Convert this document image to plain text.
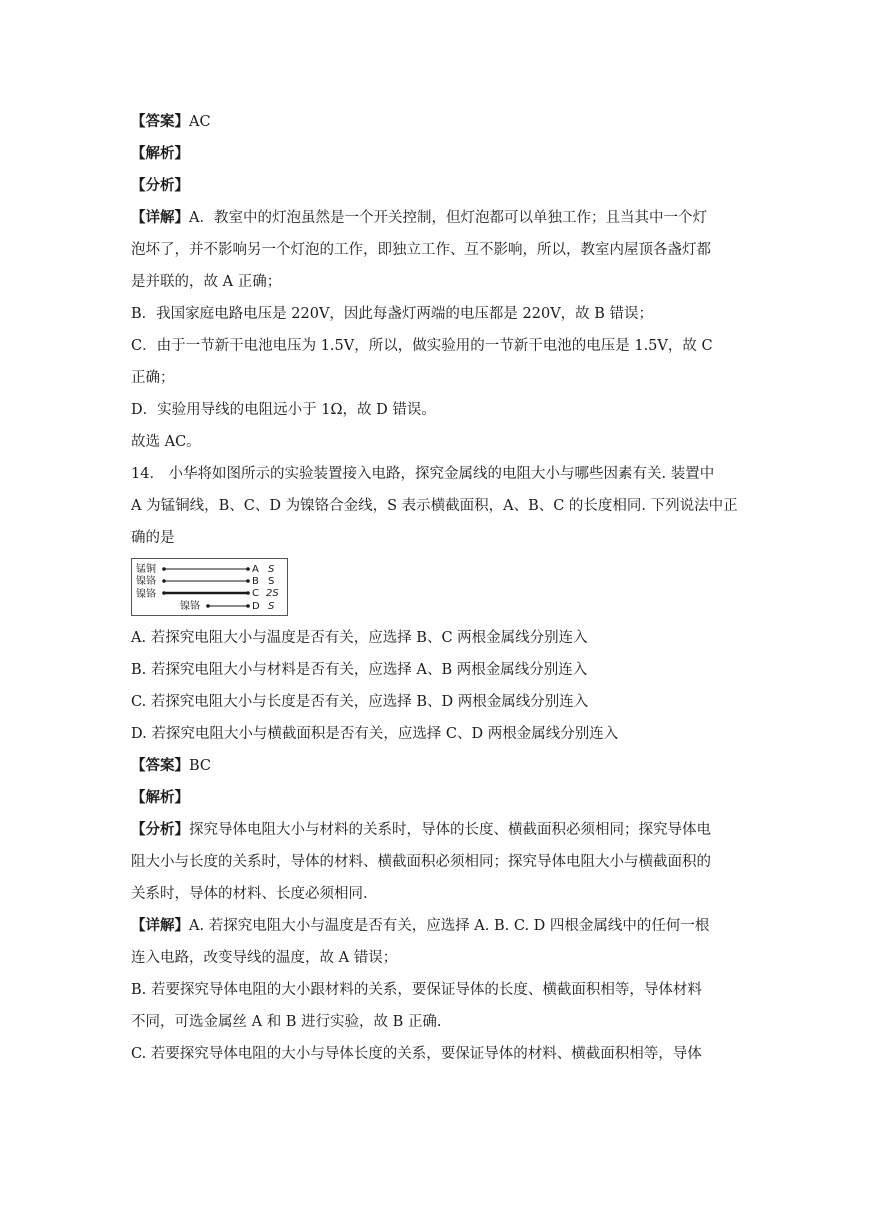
【答案】AC

【解析】

【分析】

【详解】A．教室中的灯泡虽然是一个开关控制，但灯泡都可以单独工作；且当其中一个灯

泡坏了，并不影响另一个灯泡的工作，即独立工作、互不影响，所以，教室内屋顶各盏灯都

是并联的，故 A 正确；

B．我国家庭电路电压是 220V，因此每盏灯两端的电压都是 220V，故 B 错误；

C．由于一节新干电池电压为 1.5V，所以，做实验用的一节新干电池的电压是 1.5V，故 C

正确；

D．实验用导线的电阻远小于 1Ω，故 D 错误。

故选 AC。

14． 小华将如图所示的实验装置接入电路，探究金属线的电阻大小与哪些因素有关. 装置中

A 为锰铜线，B、C、D 为镍铬合金线，S 表示横截面积，A、B、C 的长度相同. 下列说法中正

确的是

锰铜	A S
镍铬	B S
镍铬	C 2S
镍铬	D S

A. 若探究电阻大小与温度是否有关，应选择 B、C 两根金属线分别连入

B. 若探究电阻大小与材料是否有关，应选择 A、B 两根金属线分别连入

C. 若探究电阻大小与长度是否有关，应选择 B、D 两根金属线分别连入

D. 若探究电阻大小与横截面积是否有关，应选择 C、D 两根金属线分别连入

【答案】BC

【解析】

【分析】探究导体电阻大小与材料的关系时，导体的长度、横截面积必须相同；探究导体电

阻大小与长度的关系时，导体的材料、横截面积必须相同；探究导体电阻大小与横截面积的

关系时，导体的材料、长度必须相同.

【详解】A. 若探究电阻大小与温度是否有关，应选择 A. B. C. D 四根金属线中的任何一根

连入电路，改变导线的温度，故 A 错误；

B. 若要探究导体电阻的大小跟材料的关系，要保证导体的长度、横截面积相等，导体材料

不同，可选金属丝 A 和 B 进行实验，故 B 正确.

C. 若要探究导体电阻的大小与导体长度的关系，要保证导体的材料、横截面积相等，导体
